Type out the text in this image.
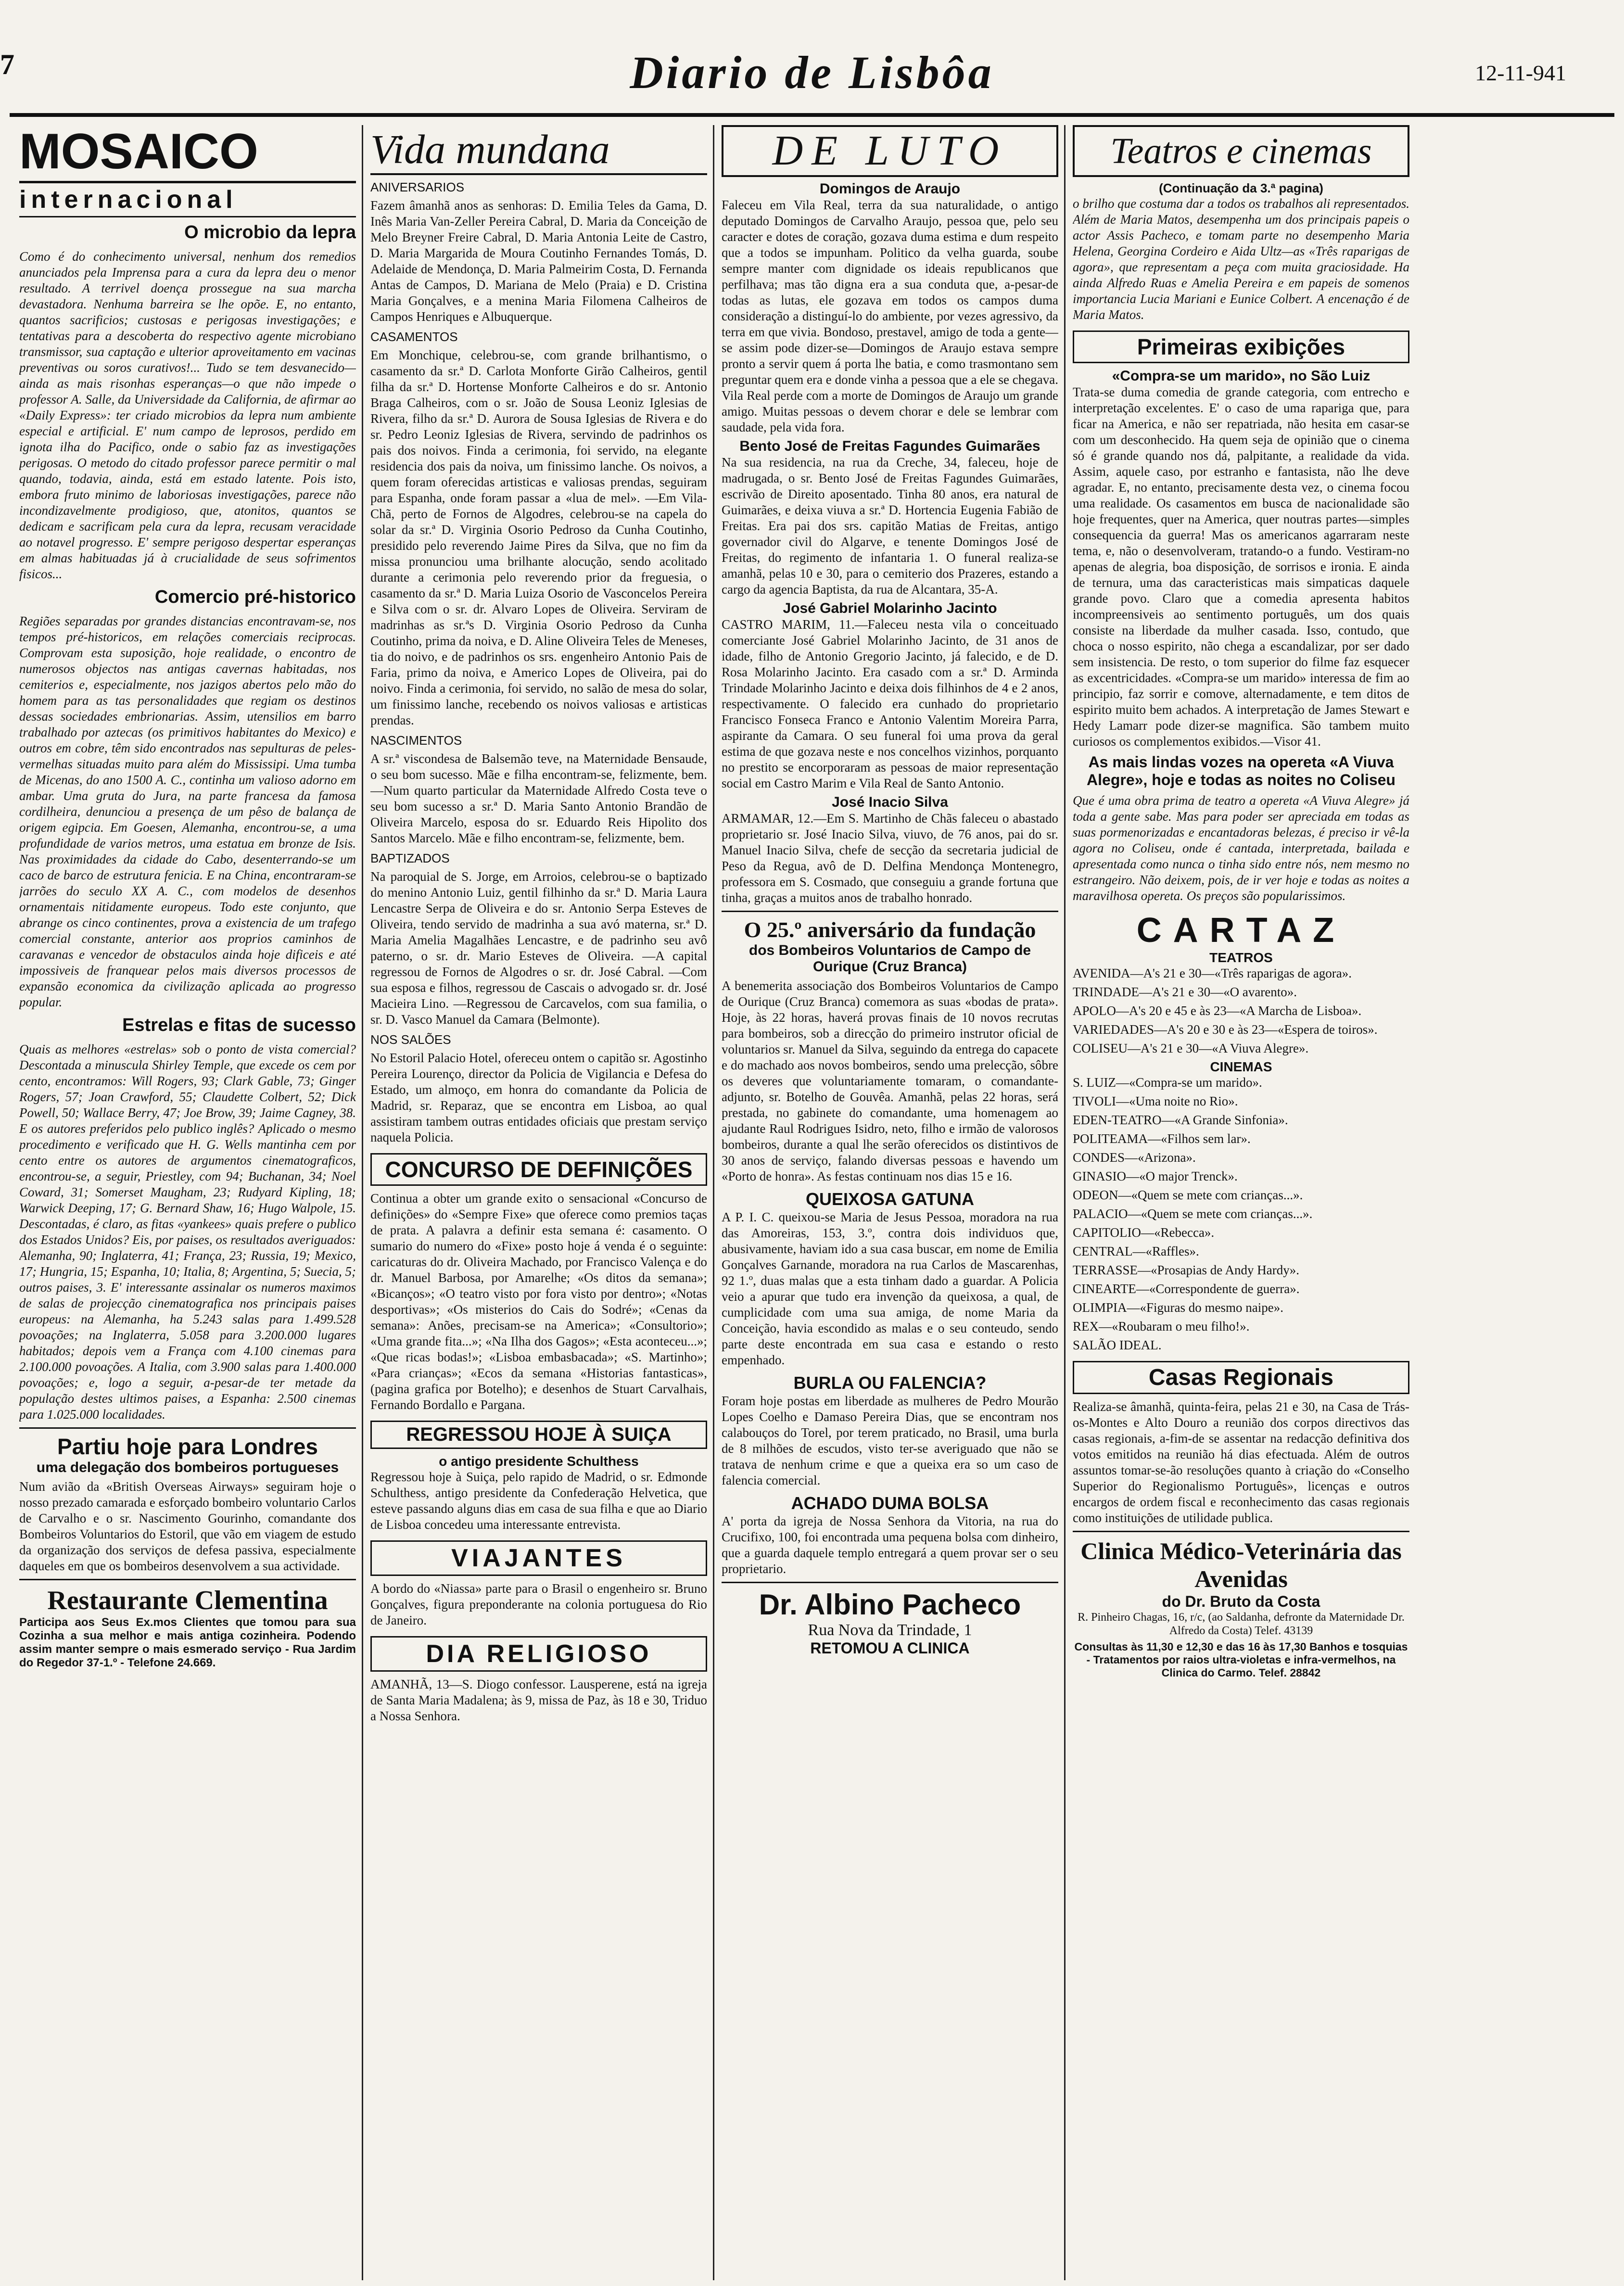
7	Diario de Lisbôa	12-11-941
MOSAICO
internacional
O microbio da lepra

Como é do conhecimento universal, nenhum dos remedios anunciados pela Imprensa para a cura da lepra deu o menor resultado. A terrivel doença prossegue na sua marcha devastadora. Nenhuma barreira se lhe opõe. E, no entanto, quantos sacrificios; custosas e perigosas investigações; e tentativas para a descoberta do respectivo agente microbiano transmissor, sua captação e ulterior aproveitamento em vacinas preventivas ou soros curativos!... Tudo se tem desvanecido—ainda as mais risonhas esperanças—o que não impede o professor A. Salle, da Universidade da California, de afirmar ao «Daily Express»: ter criado microbios da lepra num ambiente especial e artificial. E' num campo de leprosos, perdido em ignota ilha do Pacifico, onde o sabio faz as investigações perigosas. O metodo do citado professor parece permitir o mal quando, todavia, ainda, está em estado latente. Pois isto, embora fruto minimo de laboriosas investigações, parece não incondizavelmente prodigioso, que, atonitos, quantos se dedicam e sacrificam pela cura da lepra, recusam veracidade ao notavel progresso. E' sempre perigoso despertar esperanças em almas habituadas já à crucialidade de seus sofrimentos fisicos...

Comercio pré-historico

Regiões separadas por grandes distancias encontravam-se, nos tempos pré-historicos, em relações comerciais reciprocas. Comprovam esta suposição, hoje realidade, o encontro de numerosos objectos nas antigas cavernas habitadas, nos cemiterios e, especialmente, nos jazigos abertos pelo mão do homem para as tas personalidades que regiam os destinos dessas sociedades embrionarias. Assim, utensilios em barro trabalhado por aztecas (os primitivos habitantes do Mexico) e outros em cobre, têm sido encontrados nas sepulturas de peles-vermelhas situadas muito para além do Mississipi. Uma tumba de Micenas, do ano 1500 A. C., continha um valioso adorno em ambar. Uma gruta do Jura, na parte francesa da famosa cordilheira, denunciou a presença de um pêso de balança de origem egipcia. Em Goesen, Alemanha, encontrou-se, a uma profundidade de varios metros, uma estatua em bronze de Isis. Nas proximidades da cidade do Cabo, desenterrando-se um caco de barco de estrutura fenicia. E na China, encontraram-se jarrões do seculo XX A. C., com modelos de desenhos ornamentais nitidamente europeus. Todo este conjunto, que abrange os cinco continentes, prova a existencia de um trafego comercial constante, anterior aos proprios caminhos de caravanas e vencedor de obstaculos ainda hoje dificeis e até impossiveis de franquear pelos mais diversos processos de expansão economica da civilização aplicada ao progresso popular.

Estrelas e fitas de sucesso

Quais as melhores «estrelas» sob o ponto de vista comercial? Descontada a minuscula Shirley Temple, que excede os cem por cento, encontramos: Will Rogers, 93; Clark Gable, 73; Ginger Rogers, 57; Joan Crawford, 55; Claudette Colbert, 52; Dick Powell, 50; Wallace Berry, 47; Joe Brow, 39; Jaime Cagney, 38. E os autores preferidos pelo publico inglês? Aplicado o mesmo procedimento e verificado que H. G. Wells mantinha cem por cento entre os autores de argumentos cinematograficos, encontrou-se, a seguir, Priestley, com 94; Buchanan, 34; Noel Coward, 31; Somerset Maugham, 23; Rudyard Kipling, 18; Warwick Deeping, 17; G. Bernard Shaw, 16; Hugo Walpole, 15. Descontadas, é claro, as fitas «yankees» quais prefere o publico dos Estados Unidos? Eis, por paises, os resultados averiguados: Alemanha, 90; Inglaterra, 41; França, 23; Russia, 19; Mexico, 17; Hungria, 15; Espanha, 10; Italia, 8; Argentina, 5; Suecia, 5; outros paises, 3. E' interessante assinalar os numeros maximos de salas de projecção cinematografica nos principais paises europeus: na Alemanha, ha 5.243 salas para 1.499.528 povoações; na Inglaterra, 5.058 para 3.200.000 lugares habitados; depois vem a França com 4.100 cinemas para 2.100.000 povoações. A Italia, com 3.900 salas para 1.400.000 povoações; e, logo a seguir, a-pesar-de ter metade da população destes ultimos paises, a Espanha: 2.500 cinemas para 1.025.000 localidades.

Partiu hoje para Londres
uma delegação dos bombeiros portugueses

Num avião da «British Overseas Airways» seguiram hoje o nosso prezado camarada e esforçado bombeiro voluntario Carlos de Carvalho e o sr. Nascimento Gourinho, comandante dos Bombeiros Voluntarios do Estoril, que vão em viagem de estudo da organização dos serviços de defesa passiva, especialmente daqueles em que os bombeiros desenvolvem a sua actividade.

Restaurante Clementina

Participa aos Seus Ex.mos Clientes que tomou para sua Cozinha a sua melhor e mais antiga cozinheira. Podendo assim manter sempre o mais esmerado serviço - Rua Jardim do Regedor 37-1.º - Telefone 24.669.

Vida mundana
ANIVERSARIOS

Fazem âmanhã anos as senhoras: D. Emilia Teles da Gama, D. Inês Maria Van-Zeller Pereira Cabral, D. Maria da Conceição de Melo Breyner Freire Cabral, D. Maria Antonia Leite de Castro, D. Maria Margarida de Moura Coutinho Fernandes Tomás, D. Adelaide de Mendonça, D. Maria Palmeirim Costa, D. Fernanda Antas de Campos, D. Mariana de Melo (Praia) e D. Cristina Maria Gonçalves, e a menina Maria Filomena Calheiros de Campos Henriques e Albuquerque.

CASAMENTOS

Em Monchique, celebrou-se, com grande brilhantismo, o casamento da sr.ª D. Carlota Monforte Girão Calheiros, gentil filha da sr.ª D. Hortense Monforte Calheiros e do sr. Antonio Braga Calheiros, com o sr. João de Sousa Leoniz Iglesias de Rivera, filho da sr.ª D. Aurora de Sousa Iglesias de Rivera e do sr. Pedro Leoniz Iglesias de Rivera, servindo de padrinhos os pais dos noivos. Finda a cerimonia, foi servido, na elegante residencia dos pais da noiva, um finissimo lanche. Os noivos, a quem foram oferecidas artisticas e valiosas prendas, seguiram para Espanha, onde foram passar a «lua de mel». —Em Vila-Chã, perto de Fornos de Algodres, celebrou-se na capela do solar da sr.ª D. Virginia Osorio Pedroso da Cunha Coutinho, presidido pelo reverendo Jaime Pires da Silva, que no fim da missa pronunciou uma brilhante alocução, sendo acolitado durante a cerimonia pelo reverendo prior da freguesia, o casamento da sr.ª D. Maria Luiza Osorio de Vasconcelos Pereira e Silva com o sr. dr. Alvaro Lopes de Oliveira. Serviram de madrinhas as sr.ªs D. Virginia Osorio Pedroso da Cunha Coutinho, prima da noiva, e D. Aline Oliveira Teles de Meneses, tia do noivo, e de padrinhos os srs. engenheiro Antonio Pais de Faria, primo da noiva, e Americo Lopes de Oliveira, pai do noivo. Finda a cerimonia, foi servido, no salão de mesa do solar, um finissimo lanche, recebendo os noivos valiosas e artisticas prendas.

NASCIMENTOS

A sr.ª viscondesa de Balsemão teve, na Maternidade Bensaude, o seu bom sucesso. Mãe e filha encontram-se, felizmente, bem. —Num quarto particular da Maternidade Alfredo Costa teve o seu bom sucesso a sr.ª D. Maria Santo Antonio Brandão de Oliveira Marcelo, esposa do sr. Eduardo Reis Hipolito dos Santos Marcelo. Mãe e filho encontram-se, felizmente, bem.

BAPTIZADOS

Na paroquial de S. Jorge, em Arroios, celebrou-se o baptizado do menino Antonio Luiz, gentil filhinho da sr.ª D. Maria Laura Lencastre Serpa de Oliveira e do sr. Antonio Serpa Esteves de Oliveira, tendo servido de madrinha a sua avó materna, sr.ª D. Maria Amelia Magalhães Lencastre, e de padrinho seu avô paterno, o sr. dr. Mario Esteves de Oliveira. —A capital regressou de Fornos de Algodres o sr. dr. José Cabral. —Com sua esposa e filhos, regressou de Cascais o advogado sr. dr. José Macieira Lino. —Regressou de Carcavelos, com sua familia, o sr. D. Vasco Manuel da Camara (Belmonte).

NOS SALÕES

No Estoril Palacio Hotel, ofereceu ontem o capitão sr. Agostinho Pereira Lourenço, director da Policia de Vigilancia e Defesa do Estado, um almoço, em honra do comandante da Policia de Madrid, sr. Reparaz, que se encontra em Lisboa, ao qual assistiram tambem outras entidades oficiais que prestam serviço naquela Policia.

CONCURSO DE DEFINIÇÕES

Continua a obter um grande exito o sensacional «Concurso de definições» do «Sempre Fixe» que oferece como premios taças de prata. A palavra a definir esta semana é: casamento. O sumario do numero do «Fixe» posto hoje á venda é o seguinte: caricaturas do dr. Oliveira Machado, por Francisco Valença e do dr. Manuel Barbosa, por Amarelhe; «Os ditos da semana»; «Bicanços»; «O teatro visto por fora visto por dentro»; «Notas desportivas»; «Os misterios do Cais do Sodré»; «Cenas da semana»: Anões, precisam-se na America»; «Consultorio»; «Uma grande fita...»; «Na Ilha dos Gagos»; «Esta aconteceu...»; «Que ricas bodas!»; «Lisboa embasbacada»; «S. Martinho»; «Para crianças»; «Ecos da semana «Historias fantasticas», (pagina grafica por Botelho); e desenhos de Stuart Carvalhais, Fernando Bordallo e Pargana.

REGRESSOU HOJE À SUIÇA
o antigo presidente Schulthess

Regressou hoje à Suiça, pelo rapido de Madrid, o sr. Edmonde Schulthess, antigo presidente da Confederação Helvetica, que esteve passando alguns dias em casa de sua filha e que ao Diario de Lisboa concedeu uma interessante entrevista.

VIAJANTES

A bordo do «Niassa» parte para o Brasil o engenheiro sr. Bruno Gonçalves, figura preponderante na colonia portuguesa do Rio de Janeiro.

DIA RELIGIOSO

AMANHÃ, 13—S. Diogo confessor. Lausperene, está na igreja de Santa Maria Madalena; às 9, missa de Paz, às 18 e 30, Triduo a Nossa Senhora.

DE LUTO
Domingos de Araujo

Faleceu em Vila Real, terra da sua naturalidade, o antigo deputado Domingos de Carvalho Araujo, pessoa que, pelo seu caracter e dotes de coração, gozava duma estima e dum respeito que a todos se impunham. Politico da velha guarda, soube sempre manter com dignidade os ideais republicanos que perfilhava; mas tão digna era a sua conduta que, a-pesar-de todas as lutas, ele gozava em todos os campos duma consideração a distinguí-lo do ambiente, por vezes agressivo, da terra em que vivia. Bondoso, prestavel, amigo de toda a gente—se assim pode dizer-se—Domingos de Araujo estava sempre pronto a servir quem á porta lhe batia, e como trasmontano sem preguntar quem era e donde vinha a pessoa que a ele se chegava. Vila Real perde com a morte de Domingos de Araujo um grande amigo. Muitas pessoas o devem chorar e dele se lembrar com saudade, pela vida fora.

Bento José de Freitas Fagundes Guimarães

Na sua residencia, na rua da Creche, 34, faleceu, hoje de madrugada, o sr. Bento José de Freitas Fagundes Guimarães, escrivão de Direito aposentado. Tinha 80 anos, era natural de Guimarães, e deixa viuva a sr.ª D. Hortencia Eugenia Fabião de Freitas. Era pai dos srs. capitão Matias de Freitas, antigo governador civil do Algarve, e tenente Domingos José de Freitas, do regimento de infantaria 1. O funeral realiza-se amanhã, pelas 10 e 30, para o cemiterio dos Prazeres, estando a cargo da agencia Baptista, da rua de Alcantara, 35-A.

José Gabriel Molarinho Jacinto

CASTRO MARIM, 11.—Faleceu nesta vila o conceituado comerciante José Gabriel Molarinho Jacinto, de 31 anos de idade, filho de Antonio Gregorio Jacinto, já falecido, e de D. Rosa Molarinho Jacinto. Era casado com a sr.ª D. Arminda Trindade Molarinho Jacinto e deixa dois filhinhos de 4 e 2 anos, respectivamente. O falecido era cunhado do proprietario Francisco Fonseca Franco e Antonio Valentim Moreira Parra, aspirante da Camara. O seu funeral foi uma prova da geral estima de que gozava neste e nos concelhos vizinhos, porquanto no prestito se encorporaram as pessoas de maior representação social em Castro Marim e Vila Real de Santo Antonio.

José Inacio Silva

ARMAMAR, 12.—Em S. Martinho de Chãs faleceu o abastado proprietario sr. José Inacio Silva, viuvo, de 76 anos, pai do sr. Manuel Inacio Silva, chefe de secção da secretaria judicial de Peso da Regua, avô de D. Delfina Mendonça Montenegro, professora em S. Cosmado, que conseguiu a grande fortuna que tinha, graças a muitos anos de trabalho honrado.

O 25.º aniversário da fundação
dos Bombeiros Voluntarios de Campo de Ourique (Cruz Branca)

A benemerita associação dos Bombeiros Voluntarios de Campo de Ourique (Cruz Branca) comemora as suas «bodas de prata». Hoje, às 22 horas, haverá provas finais de 10 novos recrutas para bombeiros, sob a direcção do primeiro instrutor oficial de voluntarios sr. Manuel da Silva, seguindo da entrega do capacete e do machado aos novos bombeiros, sendo uma prelecção, sôbre os deveres que voluntariamente tomaram, o comandante-adjunto, sr. Botelho de Gouvêa. Amanhã, pelas 22 horas, será prestada, no gabinete do comandante, uma homenagem ao ajudante Raul Rodrigues Isidro, neto, filho e irmão de valorosos bombeiros, durante a qual lhe serão oferecidos os distintivos de 30 anos de serviço, falando diversas pessoas e havendo um «Porto de honra». As festas continuam nos dias 15 e 16.

QUEIXOSA GATUNA

A P. I. C. queixou-se Maria de Jesus Pessoa, moradora na rua das Amoreiras, 153, 3.º, contra dois individuos que, abusivamente, haviam ido a sua casa buscar, em nome de Emilia Gonçalves Garnande, moradora na rua Carlos de Mascarenhas, 92 1.º, duas malas que a esta tinham dado a guardar. A Policia veio a apurar que tudo era invenção da queixosa, a qual, de cumplicidade com uma sua amiga, de nome Maria da Conceição, havia escondido as malas e o seu conteudo, sendo parte deste encontrada em sua casa e estando o resto empenhado.

BURLA OU FALENCIA?

Foram hoje postas em liberdade as mulheres de Pedro Mourão Lopes Coelho e Damaso Pereira Dias, que se encontram nos calabouços do Torel, por terem praticado, no Brasil, uma burla de 8 milhões de escudos, visto ter-se averiguado que não se tratava de nenhum crime e que a queixa era so um caso de falencia comercial.

ACHADO DUMA BOLSA

A' porta da igreja de Nossa Senhora da Vitoria, na rua do Crucifixo, 100, foi encontrada uma pequena bolsa com dinheiro, que a guarda daquele templo entregará a quem provar ser o seu proprietario.

Dr. Albino Pacheco
Rua Nova da Trindade, 1
RETOMOU A CLINICA
Teatros e cinemas
(Continuação da 3.ª pagina)

o brilho que costuma dar a todos os trabalhos ali representados. Além de Maria Matos, desempenha um dos principais papeis o actor Assis Pacheco, e tomam parte no desempenho Maria Helena, Georgina Cordeiro e Aida Ultz—as «Três raparigas de agora», que representam a peça com muita graciosidade. Ha ainda Alfredo Ruas e Amelia Pereira e em papeis de somenos importancia Lucia Mariani e Eunice Colbert. A encenação é de Maria Matos.

Primeiras exibições
«Compra-se um marido», no São Luiz

Trata-se duma comedia de grande categoria, com entrecho e interpretação excelentes. E' o caso de uma rapariga que, para ficar na America, e não ser repatriada, não hesita em casar-se com um desconhecido. Ha quem seja de opinião que o cinema só é grande quando nos dá, palpitante, a realidade da vida. Assim, aquele caso, por estranho e fantasista, não lhe deve agradar. E, no entanto, precisamente desta vez, o cinema focou uma realidade. Os casamentos em busca de nacionalidade são hoje frequentes, quer na America, quer noutras partes—simples consequencia da guerra! Mas os americanos agarraram neste tema, e, não o desenvolveram, tratando-o a fundo. Vestiram-no apenas de alegria, boa disposição, de sorrisos e ironia. E ainda de ternura, uma das caracteristicas mais simpaticas daquele grande povo. Claro que a comedia apresenta habitos incompreensiveis ao sentimento português, um dos quais consiste na liberdade da mulher casada. Isso, contudo, que choca o nosso espirito, não chega a escandalizar, por ser dado sem insistencia. De resto, o tom superior do filme faz esquecer as excentricidades. «Compra-se um marido» interessa de fim ao principio, faz sorrir e comove, alternadamente, e tem ditos de espirito muito bem achados. A interpretação de James Stewart e Hedy Lamarr pode dizer-se magnifica. São tambem muito curiosos os complementos exibidos.—Visor 41.

As mais lindas vozes na opereta «A Viuva Alegre», hoje e todas as noites no Coliseu

Que é uma obra prima de teatro a opereta «A Viuva Alegre» já toda a gente sabe. Mas para poder ser apreciada em todas as suas pormenorizadas e encantadoras belezas, é preciso ir vê-la agora no Coliseu, onde é cantada, interpretada, bailada e apresentada como nunca o tinha sido entre nós, nem mesmo no estrangeiro. Não deixem, pois, de ir ver hoje e todas as noites a maravilhosa opereta. Os preços são popularissimos.

CARTAZ
TEATROS

AVENIDA—A's 21 e 30—«Três raparigas de agora».

TRINDADE—A's 21 e 30—«O avarento».

APOLO—A's 20 e 45 e às 23—«A Marcha de Lisboa».

VARIEDADES—A's 20 e 30 e às 23—«Espera de toiros».

COLISEU—A's 21 e 30—«A Viuva Alegre».

CINEMAS

S. LUIZ—«Compra-se um marido».

TIVOLI—«Uma noite no Rio».

EDEN-TEATRO—«A Grande Sinfonia».

POLITEAMA—«Filhos sem lar».

CONDES—«Arizona».

GINASIO—«O major Trenck».

ODEON—«Quem se mete com crianças...».

PALACIO—«Quem se mete com crianças...».

CAPITOLIO—«Rebecca».

CENTRAL—«Raffles».

TERRASSE—«Prosapias de Andy Hardy».

CINEARTE—«Correspondente de guerra».

OLIMPIA—«Figuras do mesmo naipe».

REX—«Roubaram o meu filho!».

SALÃO IDEAL.

Casas Regionais

Realiza-se âmanhã, quinta-feira, pelas 21 e 30, na Casa de Trás-os-Montes e Alto Douro a reunião dos corpos directivos das casas regionais, a-fim-de se assentar na redacção definitiva dos votos emitidos na reunião há dias efectuada. Além de outros assuntos tomar-se-ão resoluções quanto à criação do «Conselho Superior do Regionalismo Português», licenças e outros encargos de ordem fiscal e reconhecimento das casas regionais como instituições de utilidade publica.

Clinica Médico-Veterinária das Avenidas
do Dr. Bruto da Costa

R. Pinheiro Chagas, 16, r/c, (ao Saldanha, defronte da Maternidade Dr. Alfredo da Costa) Telef. 43139

Consultas às 11,30 e 12,30 e das 16 às 17,30 Banhos e tosquias - Tratamentos por raios ultra-violetas e infra-vermelhos, na Clinica do Carmo. Telef. 28842
